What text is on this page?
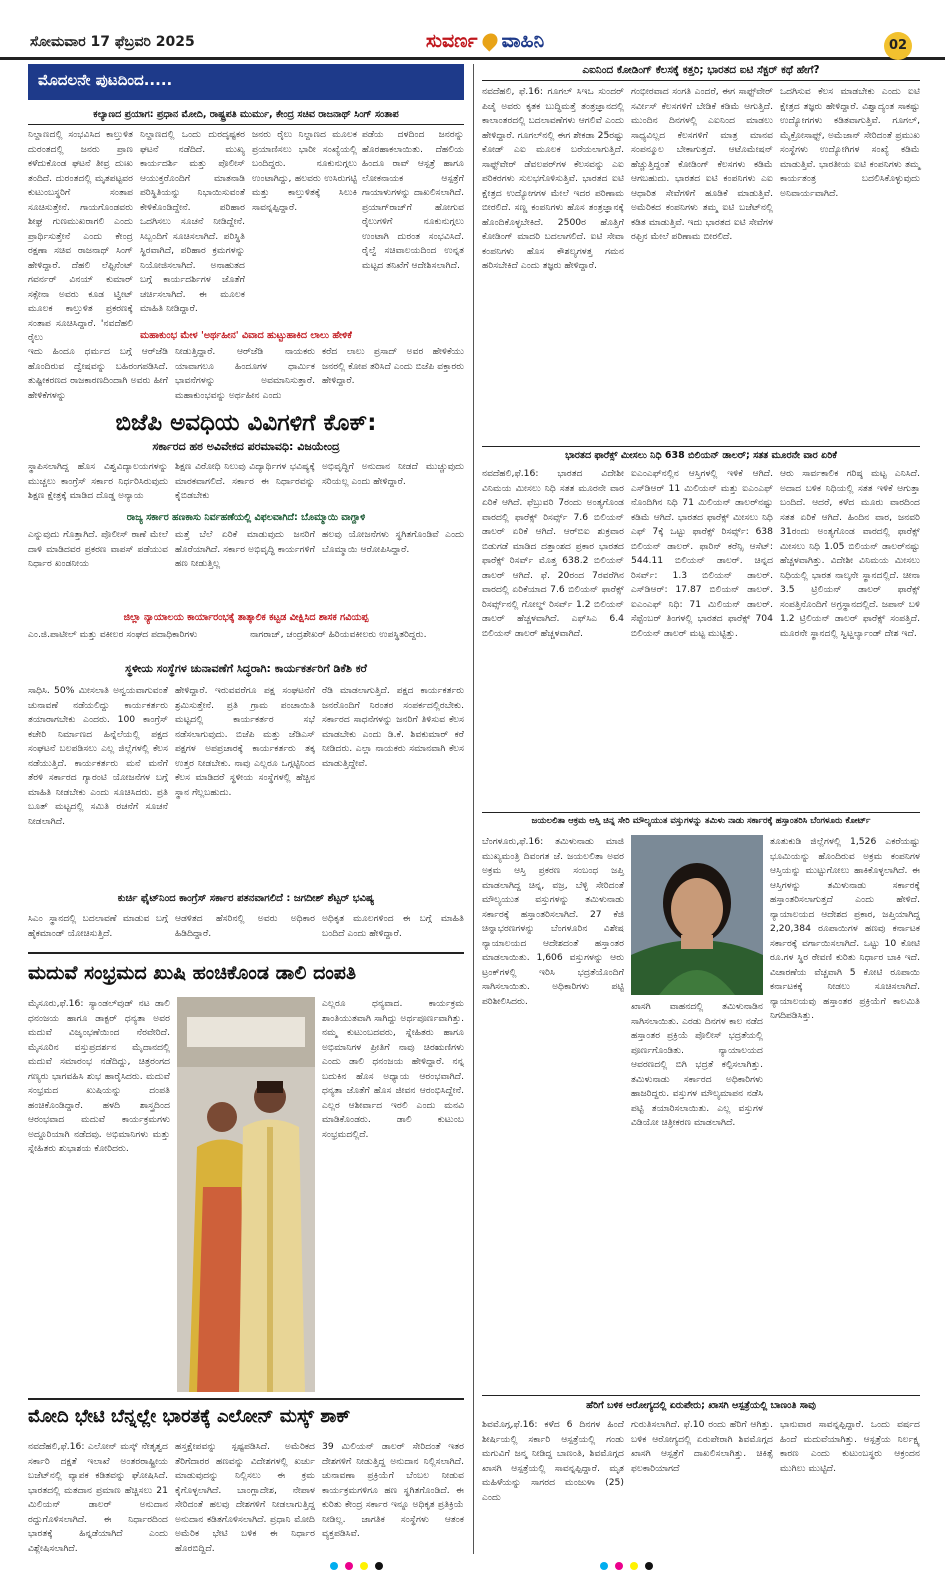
ಸೋಮವಾರ 17 ಫೆಬ್ರವರಿ 2025	ಸುವರ್ಣ ವಾಹಿನಿ	02
ಮೊದಲನೇ ಪುಟದಿಂದ.....
ಕಲ್ಯಾಣದ ಪ್ರಯಾಗ: ಪ್ರಧಾನ ಮೋದಿ, ರಾಷ್ಟ್ರಪತಿ ಮುರ್ಮು, ಕೇಂದ್ರ ಸಚಿವ ರಾಜನಾಥ್ ಸಿಂಗ್ ಸಂತಾಪ
ನಿಲ್ದಾಣದಲ್ಲಿ ಸಂಭವಿಸಿದ ಕಾಲ್ತುಳಿತ ದುರಂತದಲ್ಲಿ ಜನರು ಪ್ರಾಣ ಕಳೆದುಕೊಂಡ ಘಟನೆ ತೀವ್ರ ದುಃಖ ತಂದಿದೆ. ದುರಂತದಲ್ಲಿ ಮೃತಪಟ್ಟವರ ಕುಟುಂಬಸ್ಥರಿಗೆ ಸಂತಾಪ ಸೂಚಿಸುತ್ತೇನೆ. ಗಾಯಗೊಂಡವರು ಶೀಘ್ರ ಗುಣಮುಖರಾಗಲಿ ಎಂದು ಪ್ರಾರ್ಥಿಸುತ್ತೇನೆ ಎಂದು ಕೇಂದ್ರ ರಕ್ಷಣಾ ಸಚಿವ ರಾಜನಾಥ್ ಸಿಂಗ್ ಹೇಳಿದ್ದಾರೆ. ದೆಹಲಿ ಲೆಫ್ಟಿನೆಂಟ್ ಗವರ್ನರ್ ವಿನಯ್ ಕುಮಾರ್ ಸಕ್ಸೇನಾ ಅವರು ಕೂಡ ಟ್ವೀಟ್ ಮೂಲಕ ಕಾಲ್ತುಳಿತ ಪ್ರಕರಣಕ್ಕೆ ಸಂತಾಪ ಸೂಚಿಸಿದ್ದಾರೆ. 'ನವದೆಹಲಿ ರೈಲು
ನಿಲ್ದಾಣದಲ್ಲಿ ಒಂದು ದುರದೃಷ್ಟಕರ ಘಟನೆ ನಡೆದಿದೆ. ಮುಖ್ಯ ಕಾರ್ಯದರ್ಶಿ ಮತ್ತು ಪೊಲೀಸ್ ಆಯುಕ್ತರೊಂದಿಗೆ ಮಾತನಾಡಿ ಪರಿಸ್ಥಿತಿಯನ್ನು ನಿಭಾಯಿಸುವಂತೆ ಕೇಳಿಕೊಂಡಿದ್ದೇನೆ. ಪರಿಹಾರ ಒದಗಿಸಲು ಸೂಚನೆ ನೀಡಿದ್ದೇನೆ. ಸಿಬ್ಬಂದಿಗೆ ಸೂಚಿಸಲಾಗಿದೆ. ಪರಿಸ್ಥಿತಿ ಸ್ಥಿರವಾಗಿದೆ, ಪರಿಹಾರ ಕ್ರಮಗಳನ್ನು ನಿಯೋಜಿಸಲಾಗಿದೆ. ಅನಾಹುತದ ಬಗ್ಗೆ ಕಾರ್ಯದರ್ಶಿಗಳ ಜೊತೆಗೆ ಚರ್ಚಿಸಲಾಗಿದೆ. ಈ ಮೂಲಕ ಮಾಹಿತಿ ನೀಡಿದ್ದಾರೆ.
ಜನರು ರೈಲು ನಿಲ್ದಾಣದ ಮೂಲಕ ಪ್ರಯಾಣಿಸಲು ಭಾರೀ ಸಂಖ್ಯೆಯಲ್ಲಿ ಬಂದಿದ್ದರು. ನೂಕುನುಗ್ಗಲು ಉಂಟಾಗಿದ್ದು, ಹಲವರು ಉಸಿರುಗಟ್ಟಿ ಮತ್ತು ಕಾಲ್ತುಳಿತಕ್ಕೆ ಸಿಲುಕಿ ಸಾವನ್ನಪ್ಪಿದ್ದಾರೆ.
ಪಡೆಯ ದಳದಿಂದ ಜನರನ್ನು ಹೊರಹಾಕಲಾಯಿತು. ದೆಹಲಿಯ ಹಿಂದೂ ರಾವ್ ಆಸ್ಪತ್ರೆ ಹಾಗೂ ಲೋಕನಾಯಕ ಆಸ್ಪತ್ರೆಗೆ ಗಾಯಾಳುಗಳನ್ನು ದಾಖಲಿಸಲಾಗಿದೆ. ಪ್ರಯಾಗ್‌ರಾಜ್‌ಗೆ ಹೋಗುವ ರೈಲುಗಳಿಗೆ ನೂಕುನುಗ್ಗಲು ಉಂಟಾಗಿ ದುರಂತ ಸಂಭವಿಸಿದೆ. ರೈಲ್ವೆ ಸಚಿವಾಲಯದಿಂದ ಉನ್ನತ ಮಟ್ಟದ ತನಿಖೆಗೆ ಆದೇಶಿಸಲಾಗಿದೆ.
ಮಹಾಕುಂಭ ಮೇಳ 'ಅರ್ಥಹೀನ' ವಿವಾದ ಹುಟ್ಟುಹಾಕಿದ ಲಾಲು ಹೇಳಿಕೆ
ಇದು ಹಿಂದೂ ಧರ್ಮದ ಬಗ್ಗೆ ಆರ್‌ಜೆಡಿ ಹೊಂದಿರುವ ದ್ವೇಷವನ್ನು ಬಹಿರಂಗಪಡಿಸಿದೆ. ತುಷ್ಟೀಕರಣದ ರಾಜಕಾರಣದಿಂದಾಗಿ ಅವರು ಹೀಗೆ ಹೇಳಿಕೆಗಳನ್ನು
ನೀಡುತ್ತಿದ್ದಾರೆ. ಆರ್‌ಜೆಡಿ ನಾಯಕರು ಯಾವಾಗಲೂ ಹಿಂದೂಗಳ ಧಾರ್ಮಿಕ ಭಾವನೆಗಳನ್ನು ಅವಮಾನಿಸುತ್ತಾರೆ. ಮಹಾಕುಂಭವನ್ನು ಅರ್ಥಹೀನ ಎಂದು
ಕರೆದ ಲಾಲು ಪ್ರಸಾದ್ ಅವರ ಹೇಳಿಕೆಯು ಜನರಲ್ಲಿ ಕೋಪ ತರಿಸಿದೆ ಎಂದು ಬಿಜೆಪಿ ವಕ್ತಾರರು ಹೇಳಿದ್ದಾರೆ.
ಬಿಜೆಪಿ ಅವಧಿಯ ವಿವಿಗಳಿಗೆ ಕೊಕ್:
ಸರ್ಕಾರದ ಹಠ ಅವಿವೇಕದ ಪರಮಾವಧಿ: ವಿಜಯೇಂದ್ರ
ಸ್ಥಾಪಿಸಲಾಗಿದ್ದ ಹೊಸ ವಿಶ್ವವಿದ್ಯಾಲಯಗಳನ್ನು ಮುಚ್ಚಲು ಕಾಂಗ್ರೆಸ್ ಸರ್ಕಾರ ನಿರ್ಧರಿಸಿರುವುದು ಶಿಕ್ಷಣ ಕ್ಷೇತ್ರಕ್ಕೆ ಮಾಡಿದ ದೊಡ್ಡ ಅನ್ಯಾಯ
ಶಿಕ್ಷಣ ವಿರೋಧಿ ನಿಲುವು ವಿದ್ಯಾರ್ಥಿಗಳ ಭವಿಷ್ಯಕ್ಕೆ ಮಾರಕವಾಗಲಿದೆ. ಸರ್ಕಾರ ಈ ನಿರ್ಧಾರವನ್ನು ಕೈಬಿಡಬೇಕು
ಅಭಿವೃದ್ಧಿಗೆ ಅನುದಾನ ನೀಡದೆ ಮುಚ್ಚುವುದು ಸರಿಯಲ್ಲ ಎಂದು ಹೇಳಿದ್ದಾರೆ.
ರಾಜ್ಯ ಸರ್ಕಾರ ಹಣಕಾಸು ನಿರ್ವಹಣೆಯಲ್ಲಿ ವಿಫಲವಾಗಿದೆ: ಬೊಮ್ಮಾಯಿ ವಾಗ್ದಾಳಿ
ಎನ್ನುವುದು ಗೊತ್ತಾಗಿದೆ. ಪೊಲೀಸ್ ಠಾಣೆ ಮೇಲೆ ದಾಳಿ ಮಾಡಿದವರ ಪ್ರಕರಣ ವಾಪಸ್ ಪಡೆಯುವ ನಿರ್ಧಾರ ಖಂಡನೀಯ
ಮತ್ತೆ ಬೆಲೆ ಏರಿಕೆ ಮಾಡುವುದು ಜನರಿಗೆ ಹೊರೆಯಾಗಿದೆ. ಸರ್ಕಾರ ಅಭಿವೃದ್ಧಿ ಕಾರ್ಯಗಳಿಗೆ ಹಣ ನೀಡುತ್ತಿಲ್ಲ
ಹಲವು ಯೋಜನೆಗಳು ಸ್ಥಗಿತಗೊಂಡಿವೆ ಎಂದು ಬೊಮ್ಮಾಯಿ ಆರೋಪಿಸಿದ್ದಾರೆ.
ಜಿಲ್ಲಾ ನ್ಯಾಯಾಲಯ ಕಾರ್ಯಾರಂಭಕ್ಕೆ ತಾತ್ಕಾಲಿಕ ಕಟ್ಟಡ ವೀಕ್ಷಿಸಿದ ಶಾಸಕ ಗವಿಯಪ್ಪ
ಎಂ.ಜಿ.ಪಾಟೀಲ್ ಮತ್ತು ವಕೀಲರ ಸಂಘದ ಪದಾಧಿಕಾರಿಗಳು	ನಾಗರಾಜ್, ಚಂದ್ರಶೇಖರ್ ಹಿರಿಯವಕೀಲರು ಉಪಸ್ಥಿತರಿದ್ದರು.
ಸ್ಥಳೀಯ ಸಂಸ್ಥೆಗಳ ಚುನಾವಣೆಗೆ ಸಿದ್ಧರಾಗಿ: ಕಾರ್ಯಕರ್ತರಿಗೆ ಡಿಕೆಶಿ ಕರೆ
ಸಾಧಿಸಿ. 50% ಮೀಸಲಾತಿ ಅನ್ವಯವಾಗುವಂತೆ ಚುನಾವಣೆ ನಡೆಯಲಿದ್ದು ಕಾರ್ಯಕರ್ತರು ತಯಾರಾಗಬೇಕು ಎಂದರು. 100 ಕಾಂಗ್ರೆಸ್ ಕಚೇರಿ ನಿರ್ಮಾಣದ ಹಿನ್ನೆಲೆಯಲ್ಲಿ ಪಕ್ಷದ ಸಂಘಟನೆ ಬಲಪಡಿಸಲು ಎಲ್ಲ ಜಿಲ್ಲೆಗಳಲ್ಲಿ ಕೆಲಸ ನಡೆಯುತ್ತಿದೆ. ಕಾರ್ಯಕರ್ತರು ಮನೆ ಮನೆಗೆ ತೆರಳಿ ಸರ್ಕಾರದ ಗ್ಯಾರಂಟಿ ಯೋಜನೆಗಳ ಬಗ್ಗೆ ಮಾಹಿತಿ ನೀಡಬೇಕು ಎಂದು ಸೂಚಿಸಿದರು. ಪ್ರತಿ ಬೂತ್ ಮಟ್ಟದಲ್ಲಿ ಸಮಿತಿ ರಚನೆಗೆ ಸೂಚನೆ ನೀಡಲಾಗಿದೆ.
ಹೇಳಿದ್ದಾರೆ. ಇರುವವರೆಗೂ ಪಕ್ಷ ಸಂಘಟನೆಗೆ ಶ್ರಮಿಸುತ್ತೇನೆ. ಪ್ರತಿ ಗ್ರಾಮ ಪಂಚಾಯಿತಿ ಮಟ್ಟದಲ್ಲಿ ಕಾರ್ಯಕರ್ತರ ಸಭೆ ನಡೆಸಲಾಗುವುದು. ಬಿಜೆಪಿ ಮತ್ತು ಜೆಡಿಎಸ್ ಪಕ್ಷಗಳ ಅಪಪ್ರಚಾರಕ್ಕೆ ಕಾರ್ಯಕರ್ತರು ತಕ್ಕ ಉತ್ತರ ನೀಡಬೇಕು. ನಾವು ಎಲ್ಲರೂ ಒಗ್ಗಟ್ಟಿನಿಂದ ಕೆಲಸ ಮಾಡಿದರೆ ಸ್ಥಳೀಯ ಸಂಸ್ಥೆಗಳಲ್ಲಿ ಹೆಚ್ಚಿನ ಸ್ಥಾನ ಗೆಲ್ಲಬಹುದು.
ರೆಡಿ ಮಾಡಲಾಗುತ್ತಿದೆ. ಪಕ್ಷದ ಕಾರ್ಯಕರ್ತರು ಜನರೊಂದಿಗೆ ನಿರಂತರ ಸಂಪರ್ಕದಲ್ಲಿರಬೇಕು. ಸರ್ಕಾರದ ಸಾಧನೆಗಳನ್ನು ಜನರಿಗೆ ತಿಳಿಸುವ ಕೆಲಸ ಮಾಡಬೇಕು ಎಂದು ಡಿ.ಕೆ. ಶಿವಕುಮಾರ್ ಕರೆ ನೀಡಿದರು. ಎಲ್ಲಾ ನಾಯಕರು ಸಮಾನವಾಗಿ ಕೆಲಸ ಮಾಡುತ್ತಿದ್ದೇವೆ.
ಕುರ್ಚಿ ಫೈಟ್‌ನಿಂದ ಕಾಂಗ್ರೆಸ್ ಸರ್ಕಾರ ಪತನವಾಗಲಿದೆ : ಜಗದೀಶ್ ಶೆಟ್ಟರ್ ಭವಿಷ್ಯ
ಸಿಎಂ ಸ್ಥಾನದಲ್ಲಿ ಬದಲಾವಣೆ ಮಾಡುವ ಬಗ್ಗೆ ಹೈಕಮಾಂಡ್ ಯೋಚಿಸುತ್ತಿದೆ.
ಆಡಳಿತದ ಹೆಸರಿನಲ್ಲಿ ಅವರು ಅಧಿಕಾರ ಹಿಡಿದಿದ್ದಾರೆ.
ಅಧಿಕೃತ ಮೂಲಗಳಿಂದ ಈ ಬಗ್ಗೆ ಮಾಹಿತಿ ಬಂದಿದೆ ಎಂದು ಹೇಳಿದ್ದಾರೆ.
ಮದುವೆ ಸಂಭ್ರಮದ ಖುಷಿ ಹಂಚಿಕೊಂಡ ಡಾಲಿ ದಂಪತಿ
ಮೈಸೂರು,ಫೆ.16: ಸ್ಯಾಂಡಲ್‌ವುಡ್ ನಟ ಡಾಲಿ ಧನಂಜಯ ಹಾಗೂ ಡಾಕ್ಟರ್ ಧನ್ಯತಾ ಅವರ ಮದುವೆ ವಿಜೃಂಭಣೆಯಿಂದ ನೆರವೇರಿದೆ. ಮೈಸೂರಿನ ವಸ್ತುಪ್ರದರ್ಶನ ಮೈದಾನದಲ್ಲಿ ಮದುವೆ ಸಮಾರಂಭ ನಡೆದಿದ್ದು, ಚಿತ್ರರಂಗದ ಗಣ್ಯರು ಭಾಗವಹಿಸಿ ಶುಭ ಹಾರೈಸಿದರು. ಮದುವೆ ಸಂಭ್ರಮದ ಖುಷಿಯನ್ನು ದಂಪತಿ ಹಂಚಿಕೊಂಡಿದ್ದಾರೆ. ಹಳದಿ ಶಾಸ್ತ್ರದಿಂದ ಆರಂಭವಾದ ಮದುವೆ ಕಾರ್ಯಕ್ರಮಗಳು ಅದ್ದೂರಿಯಾಗಿ ನಡೆದವು. ಅಭಿಮಾನಿಗಳು ಮತ್ತು ಸ್ನೇಹಿತರು ಶುಭಾಶಯ ಕೋರಿದರು.
ಎಲ್ಲರೂ ಧನ್ಯವಾದ. ಕಾರ್ಯಕ್ರಮ ಶಾಂತಿಯುತವಾಗಿ ಸಾಗಿದ್ದು ಅರ್ಥಪೂರ್ಣವಾಗಿತ್ತು. ನಮ್ಮ ಕುಟುಂಬದವರು, ಸ್ನೇಹಿತರು ಹಾಗೂ ಅಭಿಮಾನಿಗಳ ಪ್ರೀತಿಗೆ ನಾವು ಚಿರಋಣಿಗಳು ಎಂದು ಡಾಲಿ ಧನಂಜಯ ಹೇಳಿದ್ದಾರೆ. ನನ್ನ ಬದುಕಿನ ಹೊಸ ಅಧ್ಯಾಯ ಆರಂಭವಾಗಿದೆ. ಧನ್ಯತಾ ಜೊತೆಗೆ ಹೊಸ ಜೀವನ ಆರಂಭಿಸಿದ್ದೇನೆ. ಎಲ್ಲರ ಆಶೀರ್ವಾದ ಇರಲಿ ಎಂದು ಮನವಿ ಮಾಡಿಕೊಂಡರು. ಡಾಲಿ ಕುಟುಂಬ ಸಂಭ್ರಮದಲ್ಲಿದೆ.
ಮೋದಿ ಭೇಟಿ ಬೆನ್ನಲ್ಲೇ ಭಾರತಕ್ಕೆ ಎಲೋನ್ ಮಸ್ಕ್ ಶಾಕ್
ನವದೆಹಲಿ,ಫೆ.16: ಎಲೋನ್ ಮಸ್ಕ್ ನೇತೃತ್ವದ ಸರ್ಕಾರಿ ದಕ್ಷತೆ ಇಲಾಖೆ ಅಂತರರಾಷ್ಟ್ರೀಯ ಬಜೆಟ್‌ನಲ್ಲಿ ವ್ಯಾಪಕ ಕಡಿತವನ್ನು ಘೋಷಿಸಿದೆ. ಭಾರತದಲ್ಲಿ ಮತದಾನ ಪ್ರಮಾಣ ಹೆಚ್ಚಿಸಲು 21 ಮಿಲಿಯನ್ ಡಾಲರ್ ಅನುದಾನ ರದ್ದುಗೊಳಿಸಲಾಗಿದೆ. ಈ ನಿರ್ಧಾರದಿಂದ ಭಾರತಕ್ಕೆ ಹಿನ್ನಡೆಯಾಗಿದೆ ಎಂದು ವಿಶ್ಲೇಷಿಸಲಾಗಿದೆ.
ಹಸ್ತಕ್ಷೇಪವನ್ನು ಸ್ಪಷ್ಟಪಡಿಸಿದೆ. ಅಮೆರಿಕದ ತೆರಿಗೆದಾರರ ಹಣವನ್ನು ವಿದೇಶಗಳಲ್ಲಿ ಖರ್ಚು ಮಾಡುವುದನ್ನು ನಿಲ್ಲಿಸಲು ಈ ಕ್ರಮ ಕೈಗೊಳ್ಳಲಾಗಿದೆ. ಬಾಂಗ್ಲಾದೇಶ, ನೇಪಾಳ ಸೇರಿದಂತೆ ಹಲವು ದೇಶಗಳಿಗೆ ನೀಡಲಾಗುತ್ತಿದ್ದ ಅನುದಾನ ಕಡಿತಗೊಳಿಸಲಾಗಿದೆ. ಪ್ರಧಾನಿ ಮೋದಿ ಅಮೆರಿಕ ಭೇಟಿ ಬಳಿಕ ಈ ನಿರ್ಧಾರ ಹೊರಬಿದ್ದಿದೆ.
39 ಮಿಲಿಯನ್ ಡಾಲರ್ ಸೇರಿದಂತೆ ಇತರ ದೇಶಗಳಿಗೆ ನೀಡುತ್ತಿದ್ದ ಅನುದಾನ ನಿಲ್ಲಿಸಲಾಗಿದೆ. ಚುನಾವಣಾ ಪ್ರಕ್ರಿಯೆಗೆ ಬೆಂಬಲ ನೀಡುವ ಕಾರ್ಯಕ್ರಮಗಳಿಗೂ ಹಣ ಸ್ಥಗಿತಗೊಂಡಿದೆ. ಈ ಕುರಿತು ಕೇಂದ್ರ ಸರ್ಕಾರ ಇನ್ನೂ ಅಧಿಕೃತ ಪ್ರತಿಕ್ರಿಯೆ ನೀಡಿಲ್ಲ. ಜಾಗತಿಕ ಸಂಸ್ಥೆಗಳು ಆತಂಕ ವ್ಯಕ್ತಪಡಿಸಿವೆ.
ಎಐನಿಂದ ಕೋಡಿಂಗ್ ಕೆಲಸಕ್ಕೆ ಕತ್ತರಿ; ಭಾರತದ ಐಟಿ ಸೆಕ್ಟರ್ ಕಥೆ ಹೇಗೆ?
ನವದೆಹಲಿ, ಫೆ.16: ಗೂಗಲ್ ಸಿಇಒ ಸುಂದರ್ ಪಿಚೈ ಅವರು ಕೃತಕ ಬುದ್ಧಿಮತ್ತೆ ತಂತ್ರಜ್ಞಾನದಲ್ಲಿ ಕಾಲಾಂತರದಲ್ಲಿ ಬದಲಾವಣೆಗಳು ಆಗಲಿವೆ ಎಂದು ಹೇಳಿದ್ದಾರೆ. ಗೂಗಲ್‌ನಲ್ಲಿ ಈಗ ಶೇಕಡಾ 25ರಷ್ಟು ಕೋಡ್ ಎಐ ಮೂಲಕ ಬರೆಯಲಾಗುತ್ತಿದೆ. ಸಾಫ್ಟ್‌ವೇರ್ ಡೆವಲಪರ್‌ಗಳ ಕೆಲಸವನ್ನು ಎಐ ಪರಿಕರಗಳು ಸುಲಭಗೊಳಿಸುತ್ತಿವೆ. ಭಾರತದ ಐಟಿ ಕ್ಷೇತ್ರದ ಉದ್ಯೋಗಗಳ ಮೇಲೆ ಇದರ ಪರಿಣಾಮ ಬೀರಲಿದೆ. ಸಣ್ಣ ಕಂಪನಿಗಳು ಹೊಸ ತಂತ್ರಜ್ಞಾನಕ್ಕೆ ಹೊಂದಿಕೊಳ್ಳಬೇಕಿದೆ. 2500ರ ಹೊತ್ತಿಗೆ ಕೋಡಿಂಗ್ ಮಾದರಿ ಬದಲಾಗಲಿದೆ. ಐಟಿ ಸೇವಾ ಕಂಪನಿಗಳು ಹೊಸ ಕೌಶಲ್ಯಗಳತ್ತ ಗಮನ ಹರಿಸಬೇಕಿದೆ ಎಂದು ತಜ್ಞರು ಹೇಳಿದ್ದಾರೆ.
ಗಂಭೀರವಾದ ಸಂಗತಿ ಎಂದರೆ, ಈಗ ಸಾಫ್ಟ್‌ವೇರ್ ಸರ್ವೀಸ್ ಕೆಲಸಗಳಿಗೆ ಬೇಡಿಕೆ ಕಡಿಮೆ ಆಗುತ್ತಿದೆ. ಮುಂದಿನ ದಿನಗಳಲ್ಲಿ ಎಐನಿಂದ ಮಾಡಲು ಸಾಧ್ಯವಿಲ್ಲದ ಕೆಲಸಗಳಿಗೆ ಮಾತ್ರ ಮಾನವ ಸಂಪನ್ಮೂಲ ಬೇಕಾಗುತ್ತದೆ. ಆಟೊಮೇಷನ್ ಹೆಚ್ಚುತ್ತಿದ್ದಂತೆ ಕೋಡಿಂಗ್ ಕೆಲಸಗಳು ಕಡಿಮೆ ಆಗಬಹುದು. ಭಾರತದ ಐಟಿ ಕಂಪನಿಗಳು ಎಐ ಆಧಾರಿತ ಸೇವೆಗಳಿಗೆ ಹೂಡಿಕೆ ಮಾಡುತ್ತಿವೆ. ಅಮೆರಿಕದ ಕಂಪನಿಗಳು ತಮ್ಮ ಐಟಿ ಬಜೆಟ್‌ನಲ್ಲಿ ಕಡಿತ ಮಾಡುತ್ತಿವೆ. ಇದು ಭಾರತದ ಐಟಿ ಸೇವೆಗಳ ರಫ್ತಿನ ಮೇಲೆ ಪರಿಣಾಮ ಬೀರಲಿದೆ.
ಒದಗಿಸುವ ಕೆಲಸ ಮಾಡಬೇಕು ಎಂದು ಐಟಿ ಕ್ಷೇತ್ರದ ತಜ್ಞರು ಹೇಳಿದ್ದಾರೆ. ವಿಶ್ವಾದ್ಯಂತ ಸಾಕಷ್ಟು ಉದ್ಯೋಗಗಳು ಕಡಿತವಾಗುತ್ತಿವೆ. ಗೂಗಲ್, ಮೈಕ್ರೋಸಾಫ್ಟ್, ಅಮೆಜಾನ್ ಸೇರಿದಂತೆ ಪ್ರಮುಖ ಸಂಸ್ಥೆಗಳು ಉದ್ಯೋಗಿಗಳ ಸಂಖ್ಯೆ ಕಡಿಮೆ ಮಾಡುತ್ತಿವೆ. ಭಾರತೀಯ ಐಟಿ ಕಂಪನಿಗಳು ತಮ್ಮ ಕಾರ್ಯತಂತ್ರ ಬದಲಿಸಿಕೊಳ್ಳುವುದು ಅನಿವಾರ್ಯವಾಗಿದೆ.
ಭಾರತದ ಫಾರೆಕ್ಸ್ ಮೀಸಲು ನಿಧಿ 638 ಬಿಲಿಯನ್ ಡಾಲರ್; ಸತತ ಮೂರನೇ ವಾರ ಏರಿಕೆ
ನವದೆಹಲಿ,ಫೆ.16: ಭಾರತದ ವಿದೇಶೀ ವಿನಿಮಯ ಮೀಸಲು ನಿಧಿ ಸತತ ಮೂರನೇ ವಾರ ಏರಿಕೆ ಆಗಿದೆ. ಫೆಬ್ರುವರಿ 7ರಂದು ಅಂತ್ಯಗೊಂಡ ವಾರದಲ್ಲಿ ಫಾರೆಕ್ಸ್ ರಿಸರ್ವ್ಸ್ 7.6 ಬಿಲಿಯನ್ ಡಾಲರ್ ಏರಿಕೆ ಆಗಿದೆ. ಆರ್‌ಬಿಐ ಶುಕ್ರವಾರ ಬಿಡುಗಡೆ ಮಾಡಿದ ದತ್ತಾಂಶದ ಪ್ರಕಾರ ಭಾರತದ ಫಾರೆಕ್ಸ್ ರಿಸರ್ವ್ ಮೊತ್ತ 638.2 ಬಿಲಿಯನ್ ಡಾಲರ್ ಆಗಿದೆ. ಫೆ. 20ರಂದ 7ರವರೆಗಿನ ವಾರದಲ್ಲಿ ಏರಿಕೆಯಾದ 7.6 ಬಿಲಿಯನ್ ಫಾರೆಕ್ಸ್ ರಿಸರ್ವ್ಸ್‌ನಲ್ಲಿ ಗೋಲ್ಡ್ ರಿಸರ್ವ್ 1.2 ಬಿಲಿಯನ್ ಡಾಲರ್ ಹೆಚ್ಚಳವಾಗಿದೆ. ಎಫ್‌ಸಿಎ 6.4 ಬಿಲಿಯನ್ ಡಾಲರ್ ಹೆಚ್ಚಳವಾಗಿದೆ.
ಐಎಂಎಫ್‌ನಲ್ಲಿನ ಆಸ್ತಿಗಳಲ್ಲಿ ಇಳಿಕೆ ಆಗಿದೆ. ಎಸ್‌ಡಿಆರ್ 11 ಮಿಲಿಯನ್ ಮತ್ತು ಐಎಂಎಫ್ ನೊಂದಿಗಿನ ನಿಧಿ 71 ಮಿಲಿಯನ್ ಡಾಲರ್‌ನಷ್ಟು ಕಡಿಮೆ ಆಗಿದೆ. ಭಾರತದ ಫಾರೆಕ್ಸ್ ಮೀಸಲು ನಿಧಿ ಎಫ್ 7ಕ್ಕೆ ಒಟ್ಟು ಫಾರೆಕ್ಸ್ ರಿಸರ್ವ್ಸ್: 638 ಬಿಲಿಯನ್ ಡಾಲರ್. ಫಾರಿನ್ ಕರೆನ್ಸಿ ಆಸೆಟ್: 544.11 ಬಿಲಿಯನ್ ಡಾಲರ್. ಚಿನ್ನದ ರಿಸರ್ವ್: 1.3 ಬಿಲಿಯನ್ ಡಾಲರ್. ಎಸ್‌ಡಿಆರ್: 17.87 ಬಿಲಿಯನ್ ಡಾಲರ್. ಐಎಂಎಫ್‌ ನಿಧಿ: 71 ಮಿಲಿಯನ್ ಡಾಲರ್. ಸೆಪ್ಟೆಂಬರ್ ತಿಂಗಳಲ್ಲಿ ಭಾರತದ ಫಾರೆಕ್ಸ್ 704 ಬಿಲಿಯನ್ ಡಾಲರ್ ಮಟ್ಟ ಮುಟ್ಟಿತ್ತು.
ಆರು ಸಾರ್ವಕಾಲಿಕ ಗರಿಷ್ಠ ಮಟ್ಟ ಎನಿಸಿದೆ. ಅದಾದ ಬಳಿಕ ನಿಧಿಯಲ್ಲಿ ಸತತ ಇಳಿಕೆ ಆಗುತ್ತಾ ಬಂದಿದೆ. ಆದರೆ, ಕಳೆದ ಮೂರು ವಾರದಿಂದ ಸತತ ಏರಿಕೆ ಆಗಿದೆ. ಹಿಂದಿನ ವಾರ, ಜನವರಿ 31ರಂದು ಅಂತ್ಯಗೊಂಡ ವಾರದಲ್ಲಿ ಫಾರೆಕ್ಸ್ ಮೀಸಲು ನಿಧಿ 1.05 ಬಿಲಿಯನ್ ಡಾಲರ್‌ನಷ್ಟು ಹೆಚ್ಚಳವಾಗಿತ್ತು. ವಿದೇಶೀ ವಿನಿಮಯ ಮೀಸಲು ನಿಧಿಯಲ್ಲಿ ಭಾರತ ನಾಲ್ಕನೇ ಸ್ಥಾನದಲ್ಲಿದೆ. ಚೀನಾ 3.5 ಟ್ರಿಲಿಯನ್ ಡಾಲರ್ ಫಾರೆಕ್ಸ್ ಸಂಪತ್ತಿನೊಂದಿಗೆ ಅಗ್ರಸ್ಥಾನದಲ್ಲಿದೆ. ಜಪಾನ್ ಬಳಿ 1.2 ಟ್ರಿಲಿಯನ್ ಡಾಲರ್ ಫಾರೆಕ್ಸ್ ಸಂಪತ್ತಿದೆ. ಮೂರನೇ ಸ್ಥಾನದಲ್ಲಿ ಸ್ವಿಟ್ಜರ್ಲ್ಯಾಂಡ್ ದೇಶ ಇದೆ.
ಜಯಲಲಿತಾ ಆಕ್ರಮ ಆಸ್ತಿ ಚಿನ್ನ ಸೇರಿ ಮೌಲ್ಯಯುತ ವಸ್ತುಗಳನ್ನು ತಮಿಳು ನಾಡು ಸರ್ಕಾರಕ್ಕೆ ಹಸ್ತಾಂತರಿಸಿ ಬೆಂಗಳೂರು ಕೋರ್ಟ್
ಬೆಂಗಳೂರು,ಫೆ.16: ತಮಿಳುನಾಡು ಮಾಜಿ ಮುಖ್ಯಮಂತ್ರಿ ದಿವಂಗತ ಜೆ. ಜಯಲಲಿತಾ ಅವರ ಅಕ್ರಮ ಆಸ್ತಿ ಪ್ರಕರಣ ಸಂಬಂಧ ಜಪ್ತಿ ಮಾಡಲಾಗಿದ್ದ ಚಿನ್ನ, ವಜ್ರ, ಬೆಳ್ಳಿ ಸೇರಿದಂತೆ ಮೌಲ್ಯಯುತ ವಸ್ತುಗಳನ್ನು ತಮಿಳುನಾಡು ಸರ್ಕಾರಕ್ಕೆ ಹಸ್ತಾಂತರಿಸಲಾಗಿದೆ. 27 ಕೆಜಿ ಚಿನ್ನಾಭರಣಗಳನ್ನು ಬೆಂಗಳೂರಿನ ವಿಶೇಷ ನ್ಯಾಯಾಲಯದ ಆದೇಶದಂತೆ ಹಸ್ತಾಂತರ ಮಾಡಲಾಯಿತು. 1,606 ವಸ್ತುಗಳನ್ನು ಆರು ಟ್ರಂಕ್‌ಗಳಲ್ಲಿ ಇರಿಸಿ ಭದ್ರತೆಯೊಂದಿಗೆ ಸಾಗಿಸಲಾಯಿತು. ಅಧಿಕಾರಿಗಳು ಪಟ್ಟಿ ಪರಿಶೀಲಿಸಿದರು.	ಖಾಸಗಿ ವಾಹನದಲ್ಲಿ ತಮಿಳುನಾಡಿನ ಸಾಗಿಸಲಾಯಿತು. ಎರಡು ದಿನಗಳ ಕಾಲ ನಡೆದ ಹಸ್ತಾಂತರ ಪ್ರಕ್ರಿಯೆ ಪೊಲೀಸ್ ಭದ್ರತೆಯಲ್ಲಿ ಪೂರ್ಣಗೊಂಡಿತು. ನ್ಯಾಯಾಲಯದ ಆವರಣದಲ್ಲಿ ಬಿಗಿ ಭದ್ರತೆ ಕಲ್ಪಿಸಲಾಗಿತ್ತು. ತಮಿಳುನಾಡು ಸರ್ಕಾರದ ಅಧಿಕಾರಿಗಳು ಹಾಜರಿದ್ದರು. ವಸ್ತುಗಳ ಮೌಲ್ಯಮಾಪನ ನಡೆಸಿ ಪಟ್ಟಿ ತಯಾರಿಸಲಾಯಿತು. ಎಲ್ಲ ವಸ್ತುಗಳ ವಿಡಿಯೋ ಚಿತ್ರೀಕರಣ ಮಾಡಲಾಗಿದೆ.
ತೂತುಕುಡಿ ಜಿಲ್ಲೆಗಳಲ್ಲಿ 1,526 ಎಕರೆಯಷ್ಟು ಭೂಮಿಯನ್ನು ಹೊಂದಿರುವ ಅಕ್ರಮ ಕಂಪನಿಗಳ ಆಸ್ತಿಯನ್ನು ಮುಟ್ಟುಗೋಲು ಹಾಕಿಕೊಳ್ಳಲಾಗಿದೆ. ಈ ಆಸ್ತಿಗಳನ್ನು ತಮಿಳುನಾಡು ಸರ್ಕಾರಕ್ಕೆ ಹಸ್ತಾಂತರಿಸಲಾಗುತ್ತದೆ ಎಂದು ಹೇಳಿದೆ. ನ್ಯಾಯಾಲಯದ ಆದೇಶದ ಪ್ರಕಾರ, ಜಪ್ತಿಯಾಗಿದ್ದ 2,20,384 ರೂಪಾಯಿಗಳ ಹಣವು ಕರ್ನಾಟಕ ಸರ್ಕಾರಕ್ಕೆ ವರ್ಗಾಯಿಸಲಾಗಿದೆ. ಒಟ್ಟು 10 ಕೋಟಿ ರೂ.ಗಳ ಸ್ಥಿರ ಠೇವಣಿ ಕುರಿತು ನಿರ್ಧಾರ ಬಾಕಿ ಇದೆ. ವಿಚಾರಣೆಯ ವೆಚ್ಚವಾಗಿ 5 ಕೋಟಿ ರೂಪಾಯಿ ಕರ್ನಾಟಕಕ್ಕೆ ನೀಡಲು ಸೂಚಿಸಲಾಗಿದೆ. ನ್ಯಾಯಾಲಯವು ಹಸ್ತಾಂತರ ಪ್ರಕ್ರಿಯೆಗೆ ಕಾಲಮಿತಿ ನಿಗದಿಪಡಿಸಿತ್ತು.
ಹೆರಿಗೆ ಬಳಿಕ ಆರೋಗ್ಯದಲ್ಲಿ ಏರುಪೇರು; ಖಾಸಗಿ ಆಸ್ಪತ್ರೆಯಲ್ಲಿ ಬಾಣಂತಿ ಸಾವು
ಶಿವಮೊಗ್ಗ,ಫೆ.16: ಕಳೆದ 6 ದಿನಗಳ ಹಿಂದೆ ಶೀರ್ಷಿಯಲ್ಲಿ ಸರ್ಕಾರಿ ಆಸ್ಪತ್ರೆಯಲ್ಲಿ ಗಂಡು ಮಗುವಿಗೆ ಜನ್ಮ ನೀಡಿದ್ದ ಬಾಣಂತಿ, ಶಿವಮೊಗ್ಗದ ಖಾಸಗಿ ಆಸ್ಪತ್ರೆಯಲ್ಲಿ ಸಾವನ್ನಪ್ಪಿದ್ದಾರೆ. ಮೃತ ಮಹಿಳೆಯನ್ನು ಸಾಗರದ ಮಂಜುಳಾ (25) ಎಂದು
ಗುರುತಿಸಲಾಗಿದೆ. ಫೆ.10 ರಂದು ಹೆರಿಗೆ ಆಗಿತ್ತು. ಬಳಿಕ ಆರೋಗ್ಯದಲ್ಲಿ ಏರುಪೇರಾಗಿ ಶಿವಮೊಗ್ಗದ ಖಾಸಗಿ ಆಸ್ಪತ್ರೆಗೆ ದಾಖಲಿಸಲಾಗಿತ್ತು. ಚಿಕಿತ್ಸೆ ಫಲಕಾರಿಯಾಗದೆ
ಭಾನುವಾರ ಸಾವನ್ನಪ್ಪಿದ್ದಾರೆ. ಒಂದು ವರ್ಷದ ಹಿಂದೆ ಮದುವೆಯಾಗಿತ್ತು. ಆಸ್ಪತ್ರೆಯ ನಿರ್ಲಕ್ಷ್ಯ ಕಾರಣ ಎಂದು ಕುಟುಂಬಸ್ಥರು ಆಕ್ರಂದನ ಮುಗಿಲು ಮುಟ್ಟಿದೆ.
